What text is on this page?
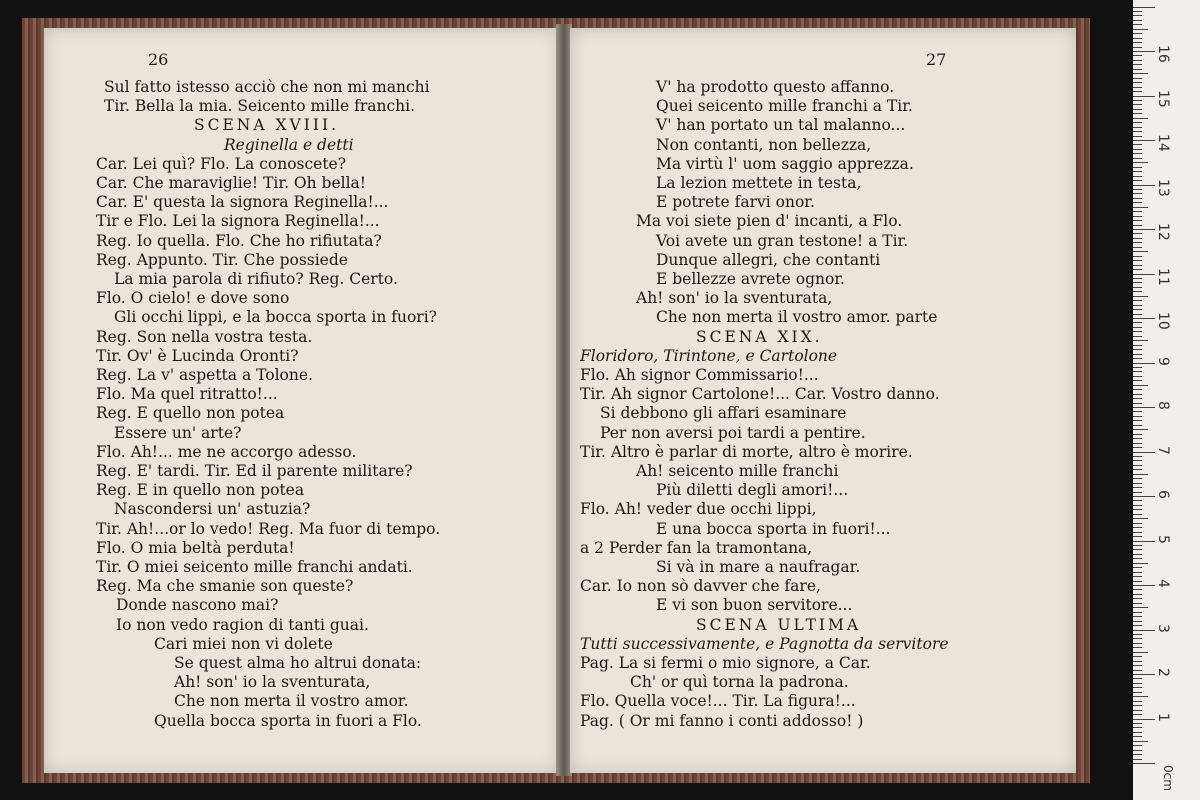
Sul fatto istesso acciò che non mi manchi
Tir. Bella la mia. Seicento mille franchi.
SCENA XVIII.
Reginella e detti
Car. Lei quì? Flo. La conoscete?
Car. Che maraviglie! Tir. Oh bella!
Car. E' questa la signora Reginella!...
Tir e Flo. Lei la signora Reginella!...
Reg. Io quella. Flo. Che ho rifiutata?
Reg. Appunto. Tir. Che possiede
La mia parola di rifiuto? Reg. Certo.
Flo. O cielo! e dove sono
Gli occhi lippi, e la bocca sporta in fuori?
Reg. Son nella vostra testa.
Tir. Ov' è Lucinda Oronti?
Reg. La v' aspetta a Tolone.
Flo. Ma quel ritratto!...
Reg. E quello non potea
Essere un' arte?
Flo. Ah!... me ne accorgo adesso.
Reg. E' tardi. Tir. Ed il parente militare?
Reg. E in quello non potea
Nascondersi un' astuzia?
Tir. Ah!...or lo vedo! Reg. Ma fuor di tempo.
Flo. O mia beltà perduta!
Tir. O miei seicento mille franchi andati.
Reg. Ma che smanie son queste?
Donde nascono mai?
Io non vedo ragion di tanti guai.
Cari miei non vi dolete
Se quest alma ho altrui donata:
Ah! son' io la sventurata,
Che non merta il vostro amor.
Quella bocca sporta in fuori a Flo.
26
V' ha prodotto questo affanno.
Quei seicento mille franchi a Tir.
V' han portato un tal malanno...
Non contanti, non bellezza,
Ma virtù l' uom saggio apprezza.
La lezion mettete in testa,
E potrete farvi onor.
Ma voi siete pien d' incanti, a Flo.
Voi avete un gran testone! a Tir.
Dunque allegri, che contanti
E bellezze avrete ognor.
Ah! son' io la sventurata,
Che non merta il vostro amor. parte
SCENA XIX.
Floridoro, Tirintone, e Cartolone
Flo. Ah signor Commissario!...
Tir. Ah signor Cartolone!... Car. Vostro danno.
Si debbono gli affari esaminare
Per non aversi poi tardi a pentire.
Tir. Altro è parlar di morte, altro è morire.
Ah! seicento mille franchi
Più diletti degli amori!...
Flo. Ah! veder due occhi lippi,
E una bocca sporta in fuori!...
a 2 Perder fan la tramontana,
Si và in mare a naufragar.
Car. Io non sò davver che fare,
E vi son buon servitore...
SCENA ULTIMA
Tutti successivamente, e Pagnotta da servitore
Pag. La si fermi o mio signore, a Car.
Ch' or quì torna la padrona.
Flo. Quella voce!... Tir. La figura!...
Pag. ( Or mi fanno i conti addosso! )
27
1
2
3
4
5
6
7
8
9
10
11
12
13
14
15
16
0cm
